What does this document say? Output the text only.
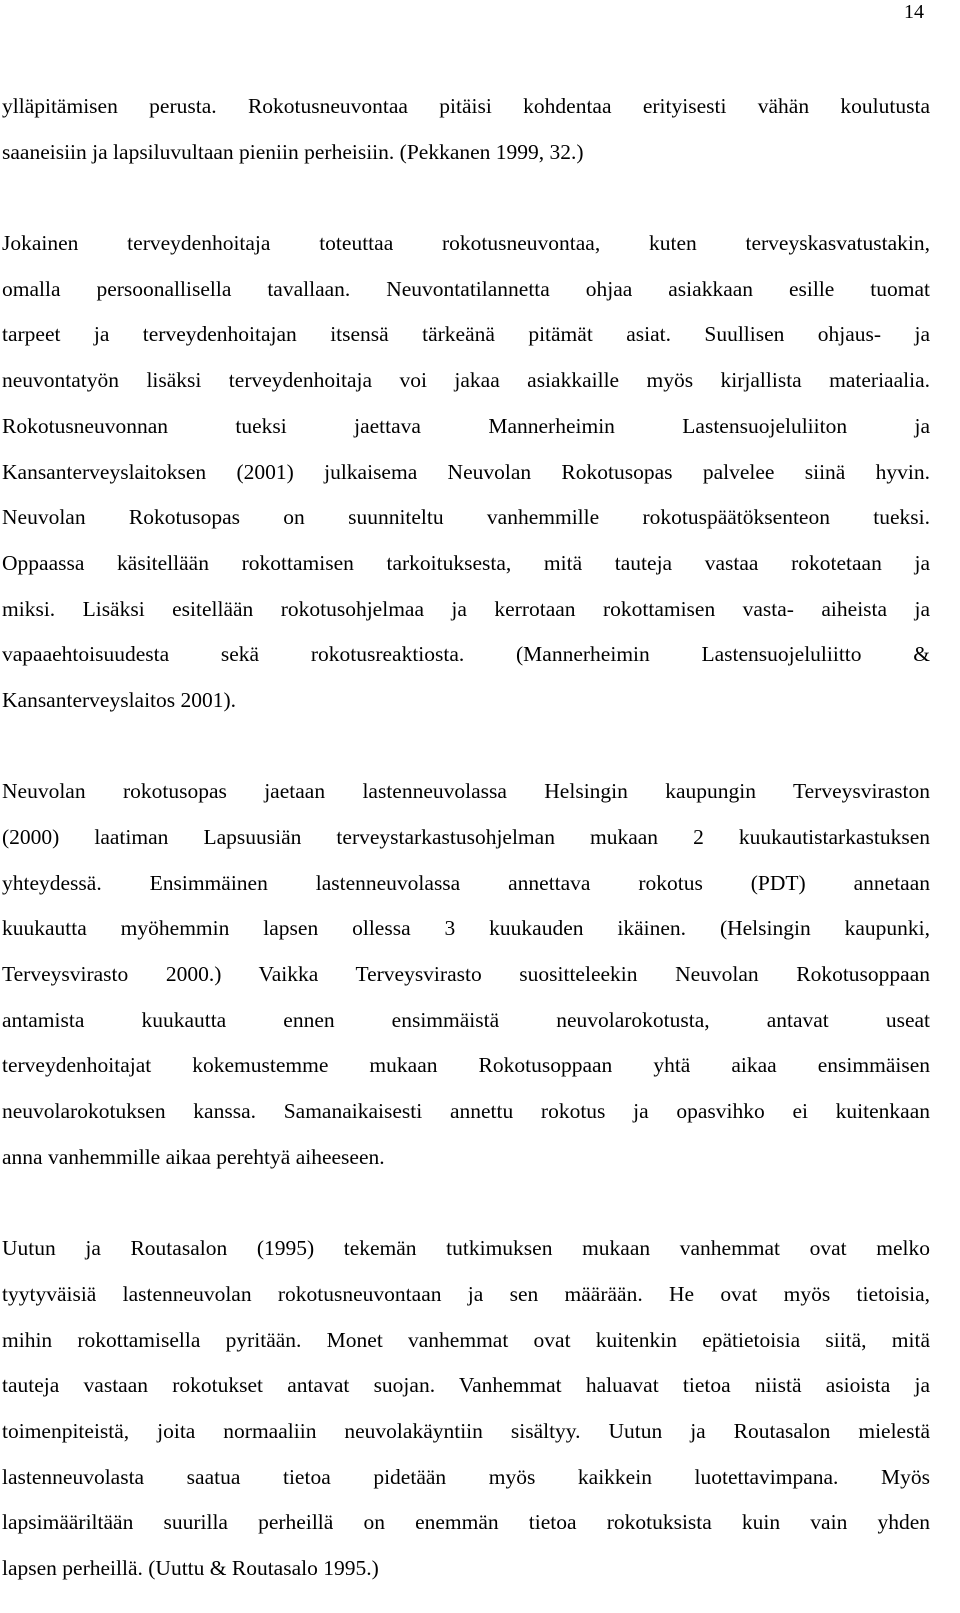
14
ylläpitämisen perusta. Rokotusneuvontaa pitäisi kohdentaa erityisesti vähän koulutusta
saaneisiin ja lapsiluvultaan pieniin perheisiin. (Pekkanen 1999, 32.)
Jokainen terveydenhoitaja toteuttaa rokotusneuvontaa, kuten terveyskasvatustakin,
omalla persoonallisella tavallaan. Neuvontatilannetta ohjaa asiakkaan esille tuomat
tarpeet ja terveydenhoitajan itsensä tärkeänä pitämät asiat. Suullisen ohjaus- ja
neuvontatyön lisäksi terveydenhoitaja voi jakaa asiakkaille myös kirjallista materiaalia.
Rokotusneuvonnan tueksi jaettava Mannerheimin Lastensuojeluliiton ja
Kansanterveyslaitoksen (2001) julkaisema Neuvolan Rokotusopas palvelee siinä hyvin.
Neuvolan Rokotusopas on suunniteltu vanhemmille rokotuspäätöksenteon tueksi.
Oppaassa käsitellään rokottamisen tarkoituksesta, mitä tauteja vastaa rokotetaan ja
miksi. Lisäksi esitellään rokotusohjelmaa ja kerrotaan rokottamisen vasta- aiheista ja
vapaaehtoisuudesta sekä rokotusreaktiosta. (Mannerheimin Lastensuojeluliitto &
Kansanterveyslaitos 2001).
Neuvolan rokotusopas jaetaan lastenneuvolassa Helsingin kaupungin Terveysviraston
(2000) laatiman Lapsuusiän terveystarkastusohjelman mukaan 2 kuukautistarkastuksen
yhteydessä. Ensimmäinen lastenneuvolassa annettava rokotus (PDT) annetaan
kuukautta myöhemmin lapsen ollessa 3 kuukauden ikäinen. (Helsingin kaupunki,
Terveysvirasto 2000.) Vaikka Terveysvirasto suositteleekin Neuvolan Rokotusoppaan
antamista kuukautta ennen ensimmäistä neuvolarokotusta, antavat useat
terveydenhoitajat kokemustemme mukaan Rokotusoppaan yhtä aikaa ensimmäisen
neuvolarokotuksen kanssa. Samanaikaisesti annettu rokotus ja opasvihko ei kuitenkaan
anna vanhemmille aikaa perehtyä aiheeseen.
Uutun ja Routasalon (1995) tekemän tutkimuksen mukaan vanhemmat ovat melko
tyytyväisiä lastenneuvolan rokotusneuvontaan ja sen määrään. He ovat myös tietoisia,
mihin rokottamisella pyritään. Monet vanhemmat ovat kuitenkin epätietoisia siitä, mitä
tauteja vastaan rokotukset antavat suojan. Vanhemmat haluavat tietoa niistä asioista ja
toimenpiteistä, joita normaaliin neuvolakäyntiin sisältyy. Uutun ja Routasalon mielestä
lastenneuvolasta saatua tietoa pidetään myös kaikkein luotettavimpana. Myös
lapsimääriltään suurilla perheillä on enemmän tietoa rokotuksista kuin vain yhden
lapsen perheillä. (Uuttu & Routasalo 1995.)
